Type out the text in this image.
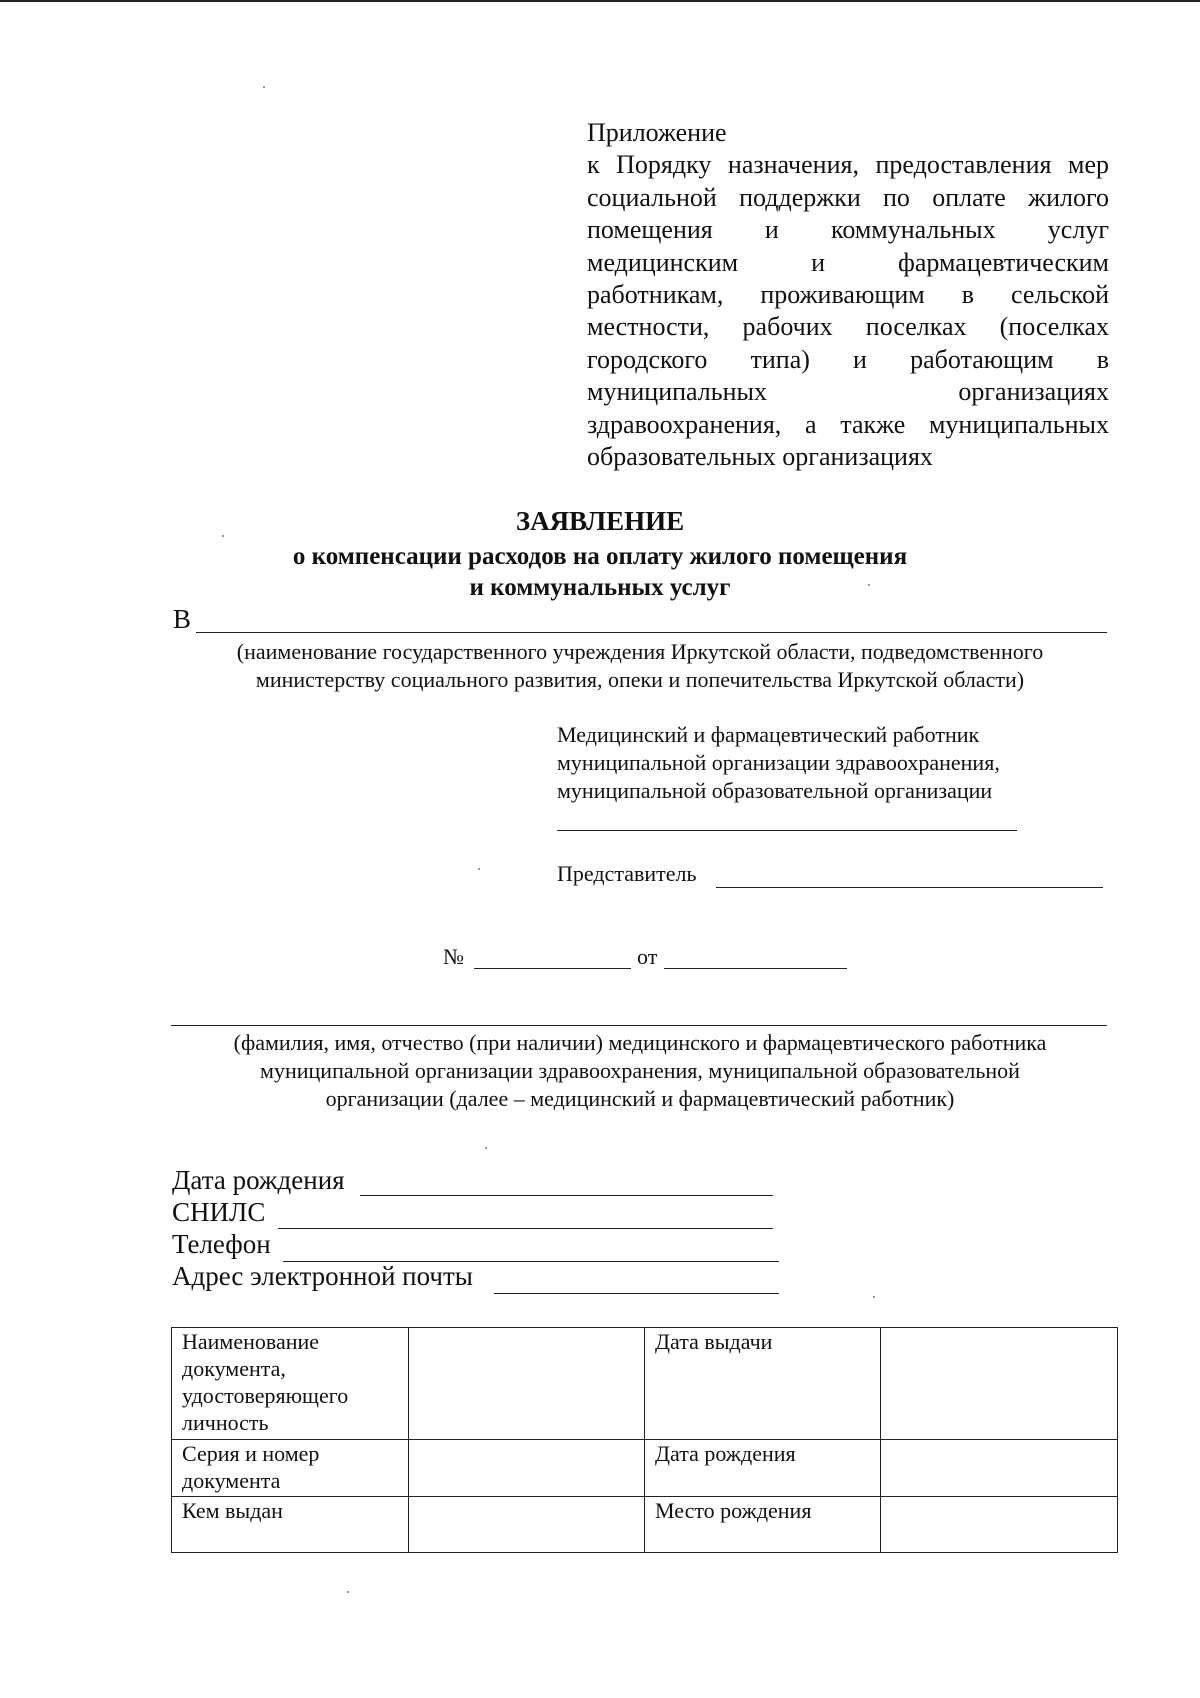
Приложение
к Порядку назначения, предоставления мер
социальной поддержки по оплате жилого
помещения и коммунальных услуг
медицинским и фармацевтическим
работникам, проживающим в сельской
местности, рабочих поселках (поселках
городского типа) и работающим в
муниципальных организациях
здравоохранения, а также муниципальных
образовательных организациях
ЗАЯВЛЕНИЕ
о компенсации расходов на оплату жилого помещения
и коммунальных услуг
В
(наименование государственного учреждения Иркутской области, подведомственного
министерству социального развития, опеки и попечительства Иркутской области)
Медицинский и фармацевтический работник
муниципальной организации здравоохранения,
муниципальной образовательной организации
Представитель
№	от
(фамилия, имя, отчество (при наличии) медицинского и фармацевтического работника
муниципальной организации здравоохранения, муниципальной образовательной
организации (далее – медицинский и фармацевтический работник)
Дата рождения
СНИЛС
Телефон
Адрес электронной почты
Наименование документа, удостоверяющего личность		Дата выдачи	
Серия и номер документа		Дата рождения	
Кем выдан		Место рождения	
